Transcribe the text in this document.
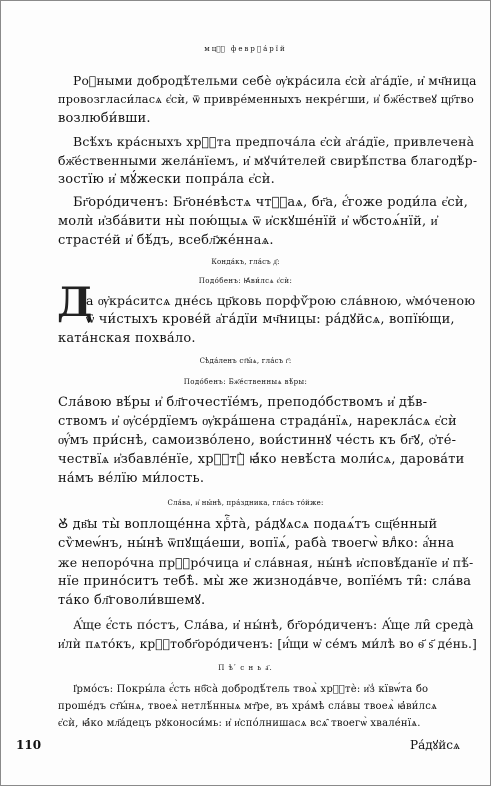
мцⷭ҇ феврꙋа́рїй
Роⷣными добродѣ́тельми себѐ ѹ҆кра́сила є҆сѝ а҆га́дїе, и҆ мч҃ница
провозгласи́ласѧ є҆сѝ, ѿ привре́менныхъ некре́гши, и҆ бж҃е́ствеꙋ цр҃тво
возлюби́вши.
Всѣ́хъ кра́сныхъ хрⷭ҇та предпоча́ла є҆сѝ а҆га́дїе, привлечена̀
бж҃е́ственными жела́нїемъ, и҆ мꙋчи́телей свирѣ́пства благодѣ́р-
зостїю и҆ мꙋ́жески попра́ла є҆сѝ.
Бг҃оро́диченъ: Бг҃оне́вѣстѧ чтⷭ҇аѧ, бг҃а, є҆́гоже роди́ла є҆сѝ,
молѝ и҆зба́вити ны̀ пою́щыѧ ѿ и҆скꙋше́нїй и҆ ѡ҆бстоѧ́нїй, и҆
страсте́й и҆ бѣ́дъ, всебл҃же́ннаѧ.
Конда́къ, гла́съ д҃:
Подо́бенъ: Ꙗ҆ви́лсѧ є҆сѝ:
Д
а ѹ҆кра́ситсѧ дне́сь цр҃ковь порфѷ́рою сла́вною, ѡ҆мо́ченою
ѿ чи́стыхъ крове́й а҆га́дїи мч҃ницы: ра́дꙋйсѧ, вопїю́щи,
ката́нская похва́ло.
Сѣда́ленъ ст҃ы́ѧ, гла́съ г҃:
Подо́бенъ: Бж҃е́ственныѧ вѣ́ры:
Сла́вою вѣ́ры и҆ бл҃гочестїе́мъ, преподо́бствомъ и҆ дѣ́в-
ствомъ и҆ ѹ҆се́рдїемъ ѹ҆кра́шена страда́нїѧ, нарекла́сѧ є҆сѝ
ѹ҆́мъ при́снѣ, самоизво́лено, вои́стиннꙋ че́сть къ бг҃ꙋ, ѻ҆те́-
чествїѧ и҆збавле́нїе, хрⷭ҇тꙋ̀ ꙗ҆́ко невѣ́ста моли́сѧ, дарова́ти
на́мъ ве́лїю ми́лость.
Сла́ва, и҆ ны́нѣ, пра́здника, гла́съ то́йже:
Ꙋ҆ дв҃ы ты̀ воплоще́нна хрⷭ҇та̀, ра́дꙋѧсѧ подаѧ́тъ сщ҃е́нный
сѷмеѡ́нъ, ны́нѣ ѿпꙋща́еши, вопїѧ́, раба̀ твоегѡ̀ влⷣко: а҆́нна
же непоро́чна прⷪ҇ро́чица и҆ сла́вная, ны́нѣ и҆сповѣ́данїе и҆ пѣ́-
нїе прино́ситъ тебѣ̀. мы̀ же жизнода́вче, вопїе́мъ ти̑: сла́ва
та́ко бл҃говоли́вшемꙋ.
А҆́ще є҆́сть по́стъ, Сла́ва, и҆ ны́нѣ, бг҃оро́диченъ: А҆́ще ли̑ среда̀
и҆лѝ пѧто́къ, крⷭ҇тобг҃оро́диченъ: [и҆́щи ѡ҆ се́мъ ми́лѣ во ѳ҃ ѕ҃ де́нь.]
П ѣ ́ с н ь а҃.
І҆рмо́съ: Покры́ла є҆́сть нб҃са̀ добродѣ́тель твоѧ̀ хрⷭ҇тѐ: и҆з̾ кївѡ́та бо
проше́дъ ст҃ы́нѧ, твоеѧ̀ нетлѣ́нныѧ мт҃ре, въ хра́мѣ сла́вы твоеѧ̀ ꙗ҆ви́лсѧ
є҆сѝ, ꙗ҆́ко мл҃а́децъ рꙋконоси́мь: и҆ и҆спо́лнишасѧ всѧ̑ твоегѡ̀ хвале́нїѧ.
110	Ра́дꙋйсѧ
